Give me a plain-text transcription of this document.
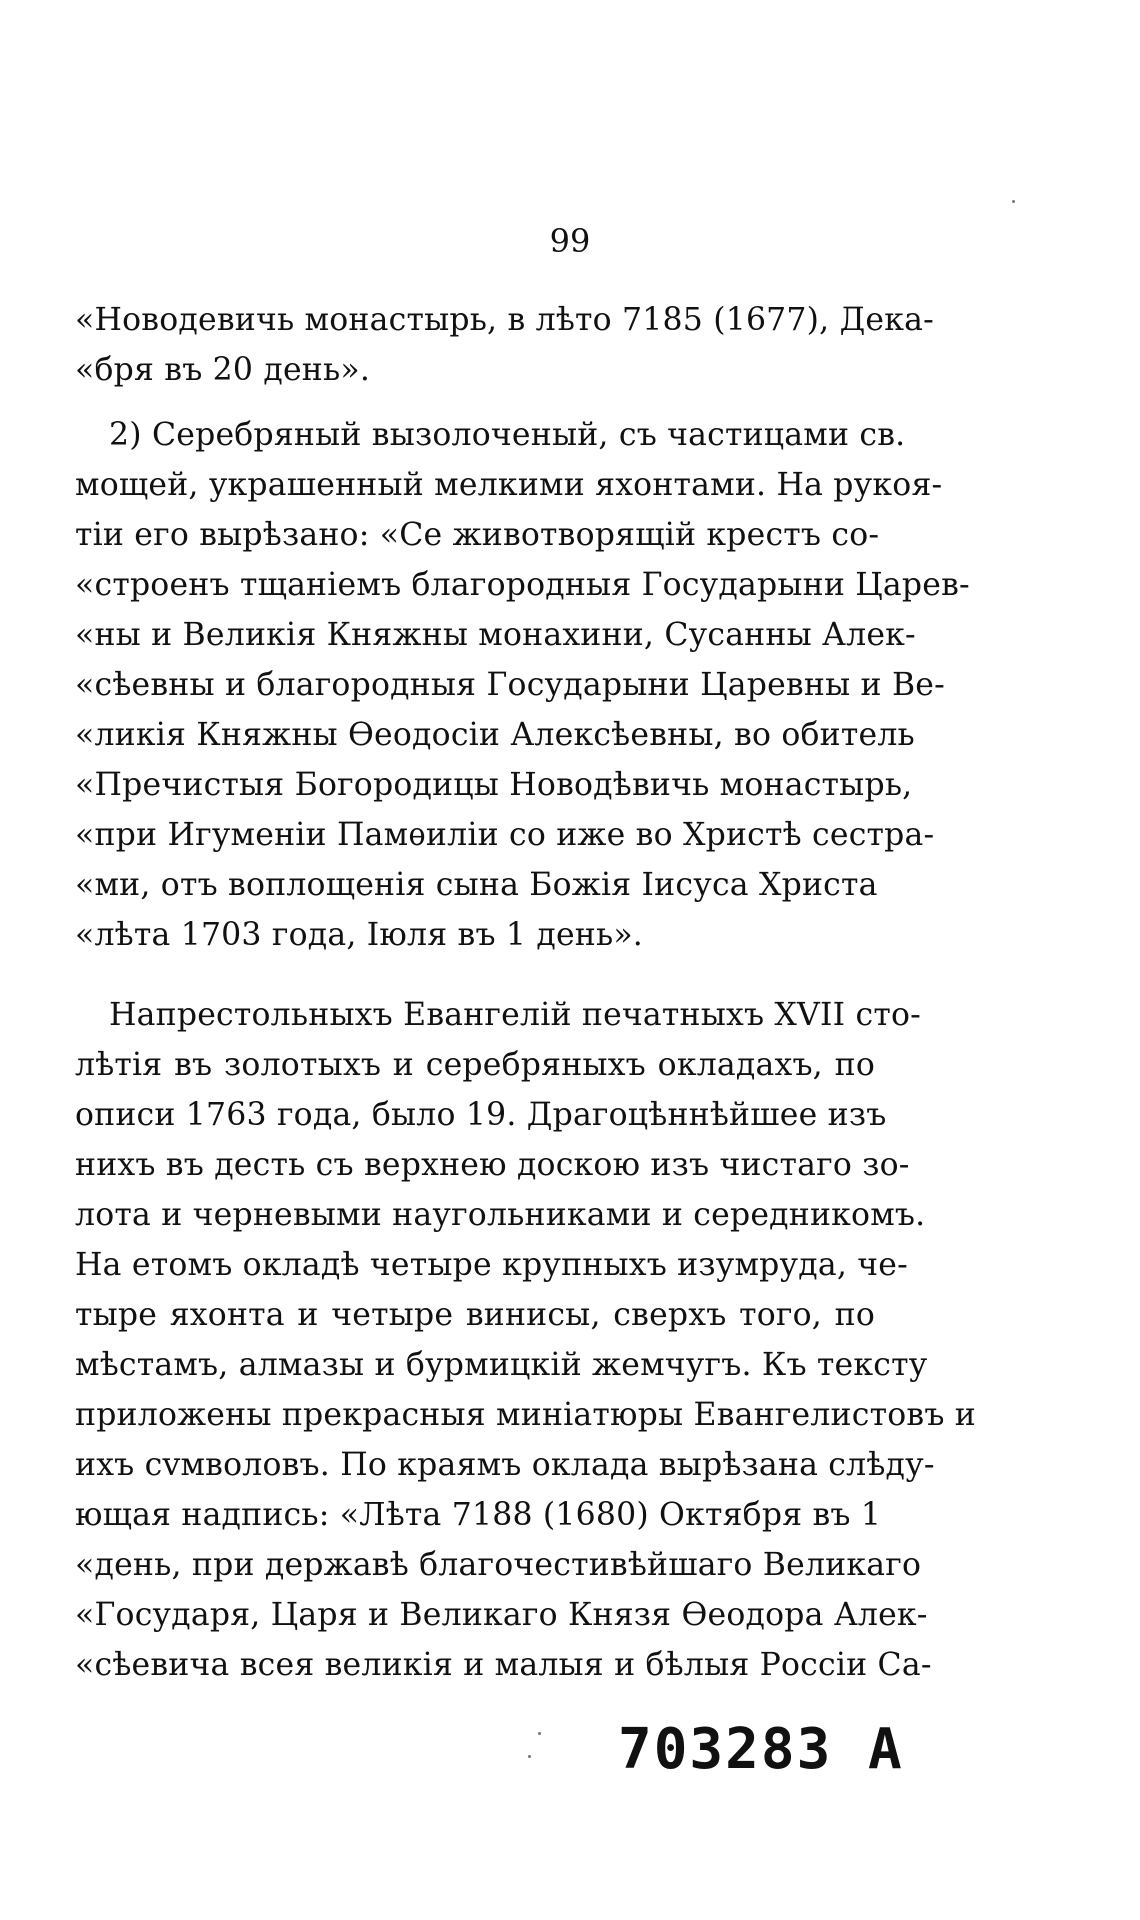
99
«Новодевичь монастырь, в лѣто 7185 (1677), Дека-
«бря въ 20 день».
2) Серебряный вызолоченый, съ частицами св.
мощей, украшенный мелкими яхонтами. На рукоя-
тіи его вырѣзано: «Се животворящій крестъ со-
«строенъ тщаніемъ благородныя Государыни Царев-
«ны и Великія Княжны монахини, Сусанны Алек-
«сѣевны и благородныя Государыни Царевны и Ве-
«ликія Княжны Ѳеодосіи Алексѣевны, во обитель
«Пречистыя Богородицы Новодѣвичь монастырь,
«при Игуменіи Памѳиліи со иже во Христѣ сестра-
«ми, отъ воплощенія сына Божія Іисуса Христа
«лѣта 1703 года, Іюля въ 1 день».
Напрестольныхъ Евангелій печатныхъ XVII сто-
лѣтія въ золотыхъ и серебряныхъ окладахъ, по
описи 1763 года, было 19. Драгоцѣннѣйшее изъ
нихъ въ десть съ верхнею доскою изъ чистаго зо-
лота и черневыми наугольниками и середникомъ.
На етомъ окладѣ четыре крупныхъ изумруда, че-
тыре яхонта и четыре винисы, сверхъ того, по
мѣстамъ, алмазы и бурмицкій жемчугъ. Къ тексту
приложены прекрасныя миніатюры Евангелистовъ и
ихъ сvмволовъ. По краямъ оклада вырѣзана слѣду-
ющая надпись: «Лѣта 7188 (1680) Октября въ 1
«день, при державѣ благочестивѣйшаго Великаго
«Государя, Царя и Великаго Князя Ѳеодора Алек-
«сѣевича всея великія и малыя и бѣлыя Россіи Са-
703283 A
